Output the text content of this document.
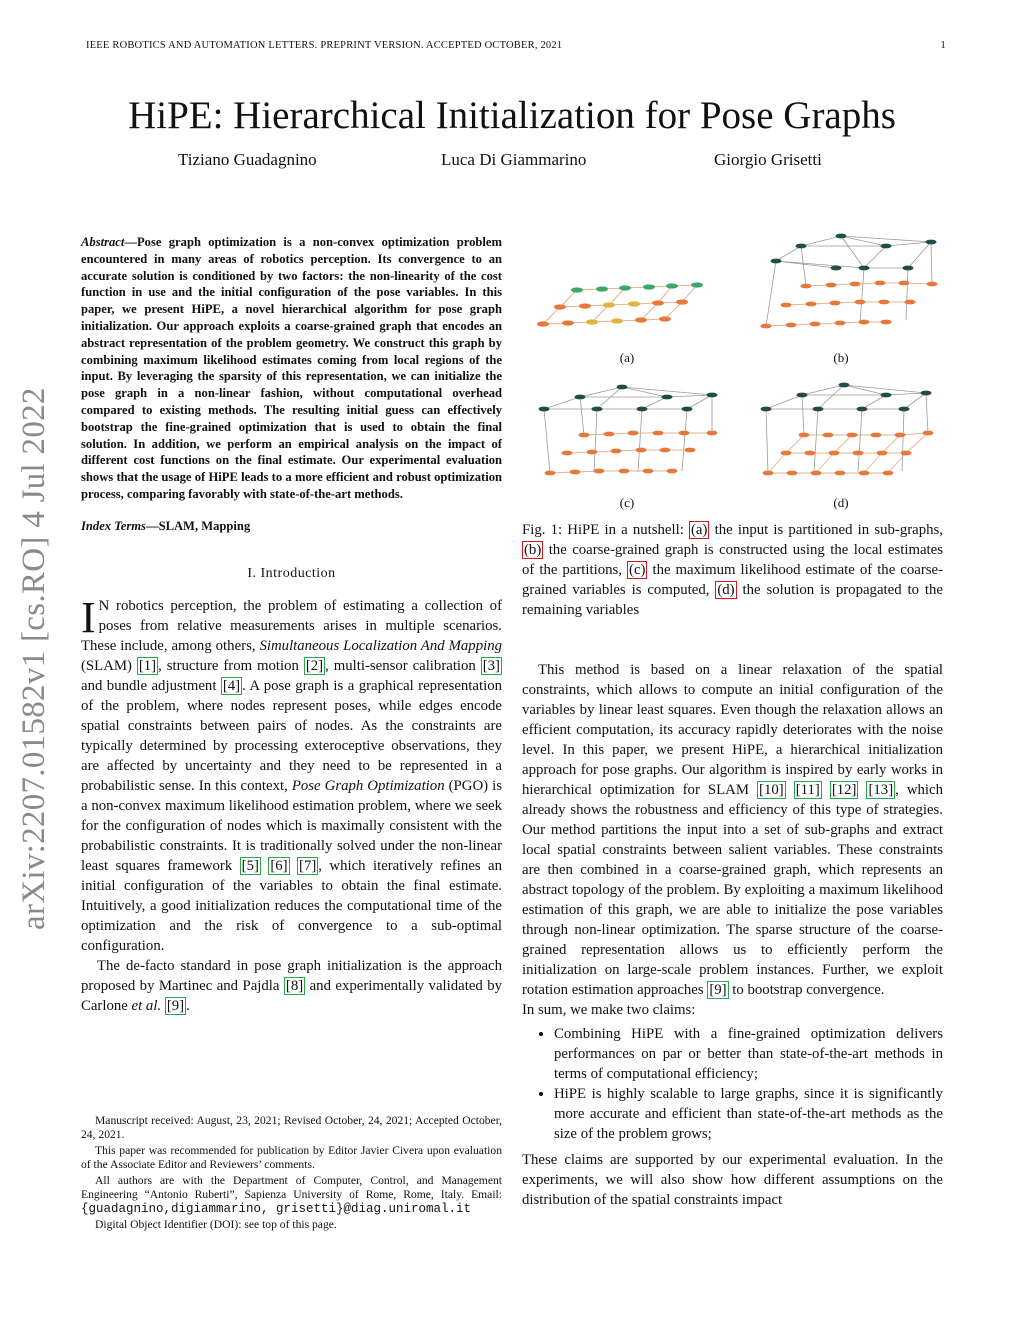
IEEE ROBOTICS AND AUTOMATION LETTERS. PREPRINT VERSION. ACCEPTED OCTOBER, 2021	1
arXiv:2207.01582v1 [cs.RO] 4 Jul 2022
HiPE: Hierarchical Initialization for Pose Graphs
Tiziano Guadagnino	Luca Di Giammarino	Giorgio Grisetti

Abstract—Pose graph optimization is a non-convex optimization problem encountered in many areas of robotics perception. Its convergence to an accurate solution is conditioned by two factors: the non-linearity of the cost function in use and the initial configuration of the pose variables. In this paper, we present HiPE, a novel hierarchical algorithm for pose graph initialization. Our approach exploits a coarse-grained graph that encodes an abstract representation of the problem geometry. We construct this graph by combining maximum likelihood estimates coming from local regions of the input. By leveraging the sparsity of this representation, we can initialize the pose graph in a non-linear fashion, without computational overhead compared to existing methods. The resulting initial guess can effectively bootstrap the fine-grained optimization that is used to obtain the final solution. In addition, we perform an empirical analysis on the impact of different cost functions on the final estimate. Our experimental evaluation shows that the usage of HiPE leads to a more efficient and robust optimization process, comparing favorably with state-of-the-art methods.

Index Terms—SLAM, Mapping

I. Introduction

I N robotics perception, the problem of estimating a collection of poses from relative measurements arises in multiple scenarios. These include, among others, Simultaneous Localization And Mapping (SLAM) [1] , structure from motion [2] , multi-sensor calibration [3] and bundle adjustment [4] . A pose graph is a graphical representation of the problem, where nodes represent poses, while edges encode spatial constraints between pairs of nodes. As the constraints are typically determined by processing exteroceptive observations, they are affected by uncertainty and they need to be represented in a probabilistic sense. In this context, Pose Graph Optimization (PGO) is a non-convex maximum likelihood estimation problem, where we seek for the configuration of nodes which is maximally consistent with the probabilistic constraints. It is traditionally solved under the non-linear least squares framework [5] [6] [7] , which iteratively refines an initial configuration of the variables to obtain the final estimate. Intuitively, a good initialization reduces the computational time of the optimization and the risk of convergence to a sub-optimal configuration.

The de-facto standard in pose graph initialization is the approach proposed by Martinec and Pajdla [8] and experimentally validated by Carlone et al. [9] .

Manuscript received: August, 23, 2021; Revised October, 24, 2021; Accepted October, 24, 2021.

This paper was recommended for publication by Editor Javier Civera upon evaluation of the Associate Editor and Reviewers’ comments.

All authors are with the Department of Computer, Control, and Management Engineering “Antonio Ruberti”, Sapienza University of Rome, Rome, Italy. Email: {guadagnino,digiammarino, grisetti}@diag.uniromal.it

Digital Object Identifier (DOI): see top of this page.

(a)	(b)
(c)	(d)
Fig. 1: HiPE in a nutshell: (a) the input is partitioned in sub-graphs, (b) the coarse-grained graph is constructed using the local estimates of the partitions, (c) the maximum likelihood estimate of the coarse-grained variables is computed, (d) the solution is propagated to the remaining variables

This method is based on a linear relaxation of the spatial constraints, which allows to compute an initial configuration of the variables by linear least squares. Even though the relaxation allows an efficient computation, its accuracy rapidly deteriorates with the noise level. In this paper, we present HiPE, a hierarchical initialization approach for pose graphs. Our algorithm is inspired by early works in hierarchical optimization for SLAM [10] [11] [12] [13] , which already shows the robustness and efficiency of this type of strategies. Our method partitions the input into a set of sub-graphs and extract local spatial constraints between salient variables. These constraints are then combined in a coarse-grained graph, which represents an abstract topology of the problem. By exploiting a maximum likelihood estimation of this graph, we are able to initialize the pose variables through non-linear optimization. The sparse structure of the coarse-grained representation allows us to efficiently perform the initialization on large-scale problem instances. Further, we exploit rotation estimation approaches [9] to bootstrap convergence.

In sum, we make two claims:

• Combining HiPE with a fine-grained optimization delivers performances on par or better than state-of-the-art methods in terms of computational efficiency;
• HiPE is highly scalable to large graphs, since it is significantly more accurate and efficient than state-of-the-art methods as the size of the problem grows;

These claims are supported by our experimental evaluation. In the experiments, we will also show how different assumptions on the distribution of the spatial constraints impact
